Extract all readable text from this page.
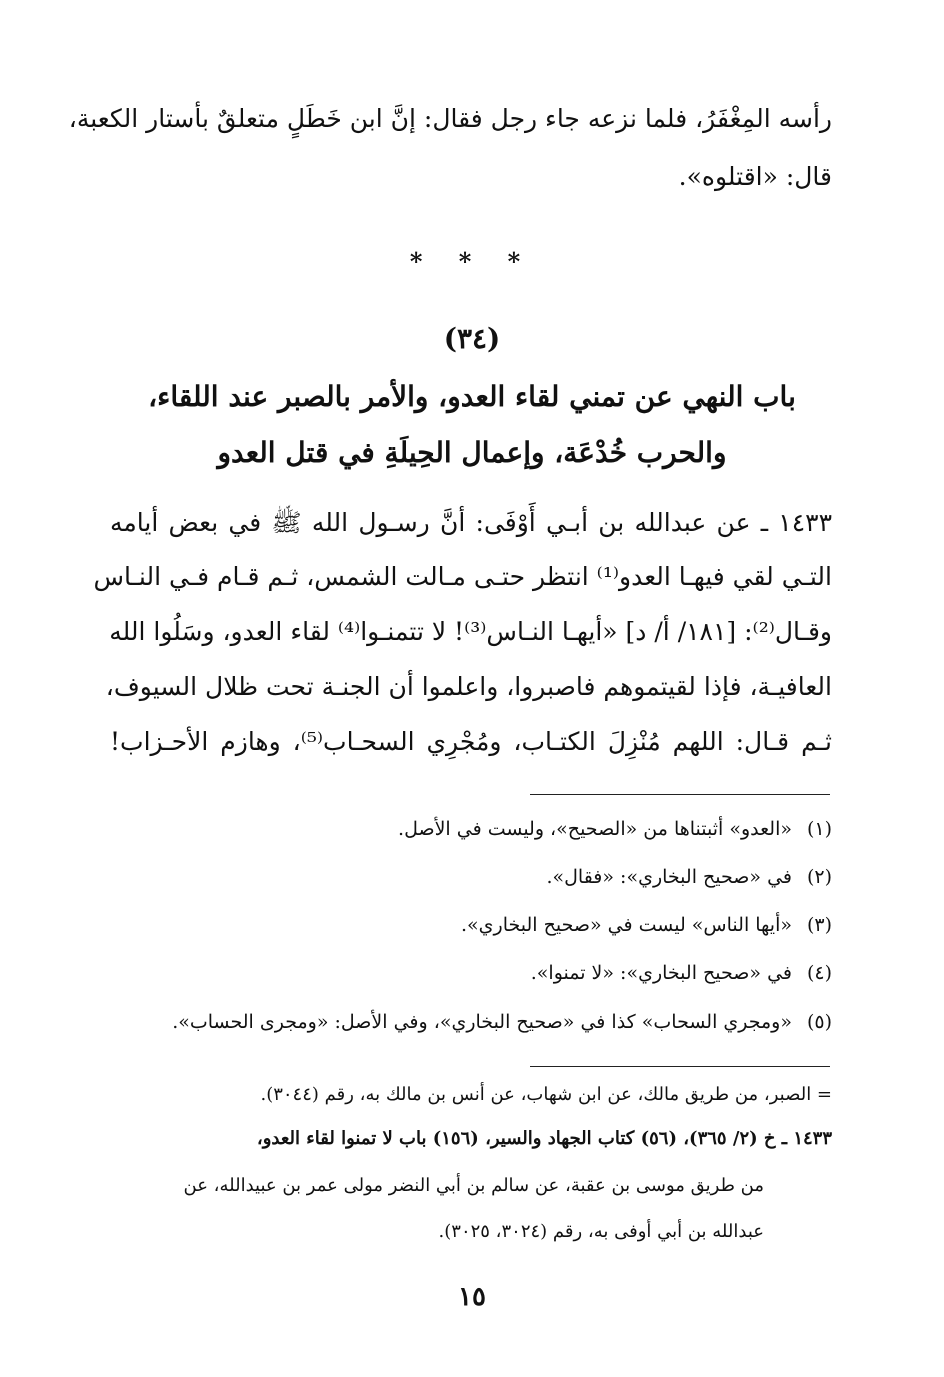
رأسه المِغْفَرُ، فلما نزعه جاء رجل فقال: إنَّ ابن خَطَلٍ متعلقٌ بأستار الكعبة،
قال: «اقتلوه».
* * *
(٣٤)
باب النهي عن تمني لقاء العدو، والأمر بالصبر عند اللقاء،
والحرب خُدْعَة، وإعمال الحِيلَةِ في قتل العدو
١٤٣٣ ـ عن عبدالله بن أبـي أَوْفَى: أنَّ رسـول الله ﷺ في بعض أيامه
التـي لقي فيهـا العدو⁽¹⁾ انتظر حتـى مـالت الشمس، ثـم قـام فـي النـاس
وقـال⁽²⁾: [١٨١/ أ/ د] «أيهـا النـاس⁽³⁾! لا تتمنـوا⁽⁴⁾ لقاء العدو، وسَلُوا الله
العافيـة، فإذا لقيتموهم فاصبروا، واعلموا أن الجنـة تحت ظلال السيوف،
ثـم قـال: اللهم مُنْزِلَ الكتـاب، ومُجْرِي السحـاب⁽⁵⁾، وهازم الأحـزاب!
(١)«العدو» أثبتناها من «الصحيح»، وليست في الأصل.
(٢)في «صحيح البخاري»: «فقال».
(٣)«أيها الناس» ليست في «صحيح البخاري».
(٤)في «صحيح البخاري»: «لا تمنوا».
(٥)«ومجري السحاب» كذا في «صحيح البخاري»، وفي الأصل: «ومجرى الحساب».
= الصبر، من طريق مالك، عن ابن شهاب، عن أنس بن مالك به، رقم (٣٠٤٤).
١٤٣٣ ـ خ (٢/ ٣٦٥)، (٥٦) كتاب الجهاد والسير، (١٥٦) باب لا تمنوا لقاء العدو،
من طريق موسى بن عقبة، عن سالم بن أبي النضر مولى عمر بن عبيدالله، عن
عبدالله بن أبي أوفى به، رقم (٣٠٢٤، ٣٠٢٥).
١٥
